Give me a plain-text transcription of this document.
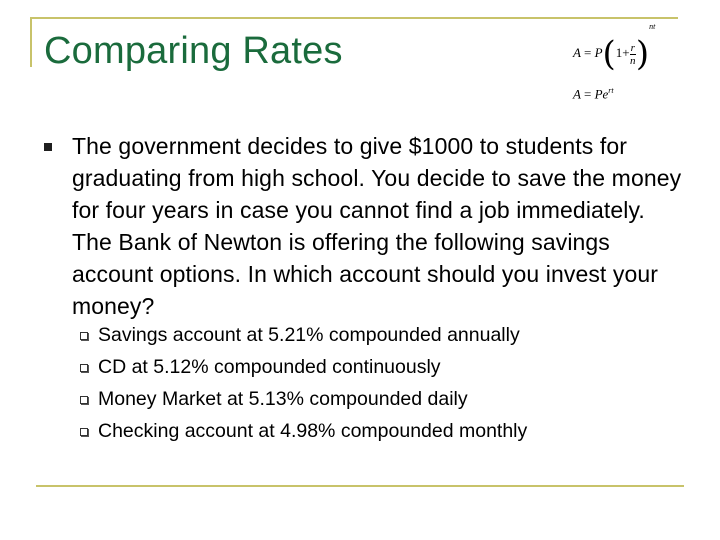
Comparing Rates	$A = P(1+ \frac{r}{n} )^{nt}$
$A = Pe^{rt}$
The government decides to give $1000 to students for graduating from high school. You decide to save the money for four years in case you cannot find a job immediately. The Bank of Newton is offering the following savings account options. In which account should you invest your money?
Savings account at 5.21% compounded annually
CD at 5.12% compounded continuously
Money Market at 5.13% compounded daily
Checking account at 4.98% compounded monthly
